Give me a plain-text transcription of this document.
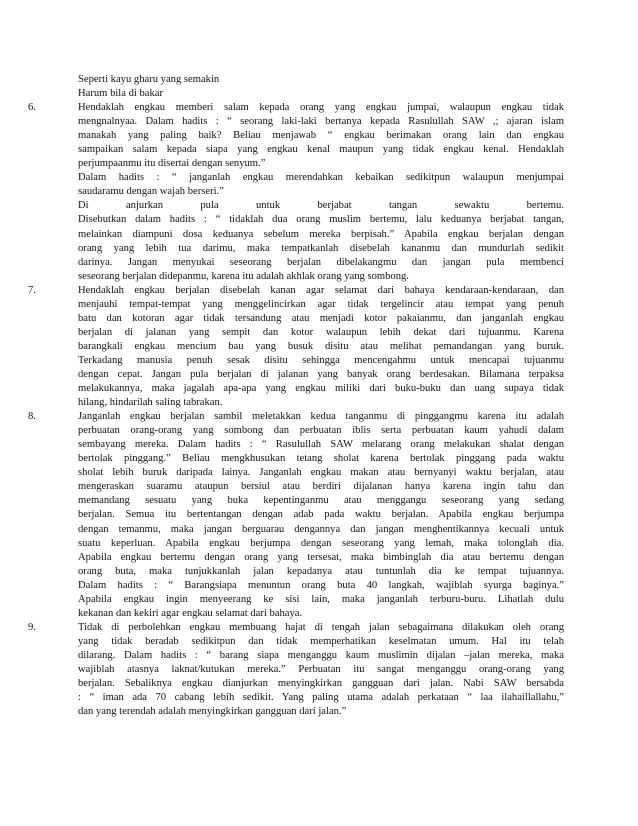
Seperti kayu gharu yang semakin
Harum bila di bakar
6.	Hendaklah engkau memberi salam kepada orang yang engkau jumpai, walaupun engkau tidak
mengnalnyaa. Dalam hadits : “ seorang laki-laki bertanya kepada Rasulullah SAW ,; ajaran islam
manakah yang paling baik? Beliau menjawab “ engkau berimakan orang lain dan engkau
sampaikan salam kepada siapa yang engkau kenal maupun yang tidak engkau kenal. Hendaklah
perjumpaanmu itu disertai dengan senyum.”
Dalam hadits : “ janganlah engkau merendahkan kebaikan sedikitpun walaupun menjumpai
saudaramu dengan wajah berseri.”
Di anjurkan pula untuk berjabat tangan sewaktu bertemu.
Disebutkan dalam hadits : “ tidaklah dua orang muslim bertemu, lalu keduanya berjabat tangan,
melainkan diampuni dosa keduanya sebelum mereka berpisah.” Apabila engkau berjalan dengan
orang yang lebih tua darimu, maka tempatkanlah disebelah kananmu dan mundurlah sedikit
darinya. Jangan menyukai seseorang berjalan dibelakangmu dan jangan pula membenci
seseorang berjalan didepanmu, karena itu adalah akhlak orang yang sombong.
7.	Hendaklah engkau berjalan disebelah kanan agar selamat dari bahaya kendaraan-kendaraan, dan
menjauhi tempat-tempat yang menggelincirkan agar tidak tergelincir atau tempat yang penuh
batu dan kotoran agar tidak tersandung atau menjadi kotor pakaianmu, dan janganlah engkau
berjalan di jalanan yang sempit dan kotor walaupun lebih dekat dari tujuanmu. Karena
barangkali engkau mencium bau yang busuk disitu atau melihat pemandangan yang buruk.
Terkadang manusia penuh sesak disitu sehingga mencengahmu untuk mencapai tujuanmu
dengan cepat. Jangan pula berjalan di jalanan yang banyak orang berdesakan. Bilamana terpaksa
melakukannya, maka jagalah apa-apa yang engkau miliki dari buku-buku dan uang supaya tidak
hilang, hindarilah saling tabrakan.
8.	Janganlah engkau berjalan sambil meletakkan kedua tanganmu di pinggangmu karena itu adalah
perbuatan orang-orang yang sombong dan perbuatan iblis serta perbuatan kaum yahudi dalam
sembayang mereka. Dalam hadits : “ Rasulullah SAW melarang orang melakukan shalat dengan
bertolak pinggang.” Beliau mengkhusukan tetang sholat karena bertolak pinggang pada waktu
sholat lebih buruk daripada lainya. Janganlah engkau makan atau bernyanyi waktu berjalan, atau
mengeraskan suaramu ataupun bersiul atau berdiri dijalanan hanya karena ingin tahu dan
memandang sesuatu yang buka kepentinganmu atau menggangu seseorang yang sedang
berjalan. Semua itu bertentangan dengan adab pada waktu berjalan. Apabila engkau berjumpa
dengan temanmu, maka jangan berguarau dengannya dan jangan menghentikannya kecuali untuk
suatu keperluan. Apabila engkau berjumpa dengan seseorang yang lemah, maka tolonglah dia.
Apabila engkau bertemu dengan orang yang tersesat, maka bimbinglah dia atau bertemu dengan
orang buta, maka tunjukkanlah jalan kepadanya atau tuntunlah dia ke tempat tujuannya.
Dalam hadits : “ Barangsiapa menuntun orang buta 40 langkah, wajiblah syurga baginya.”
Apabila engkau ingin menyeerang ke sisi lain, maka janganlah terburu-buru. Lihatlah dulu
kekanan dan kekiri agar engkau selamat dari bahaya.
9.	Tidak di perbolehkan engkau membuang hajat di tengah jalan sebagaimana dilakukan oleh orang
yang tidak beradab sedikitpun dan tidak memperhatikan keselmatan umum. Hal itu telah
dilarang. Dalam hadits : “ barang siapa menganggu kaum muslimin dijalan –jalan mereka, maka
wajiblah atasnya laknat/kutukan mereka.” Perbuatan itu sangat menganggu orang-orang yang
berjalan. Sebaliknya engkau dianjurkan menyingkirkan gangguan dari jalan. Nabi SAW bersabda
: “ iman ada 70 cabang lebih sedikit. Yang paling utama adalah perkataan “ laa ilahaillallahu,”
dan yang terendah adalah menyingkirkan gangguan dari jalan.”
